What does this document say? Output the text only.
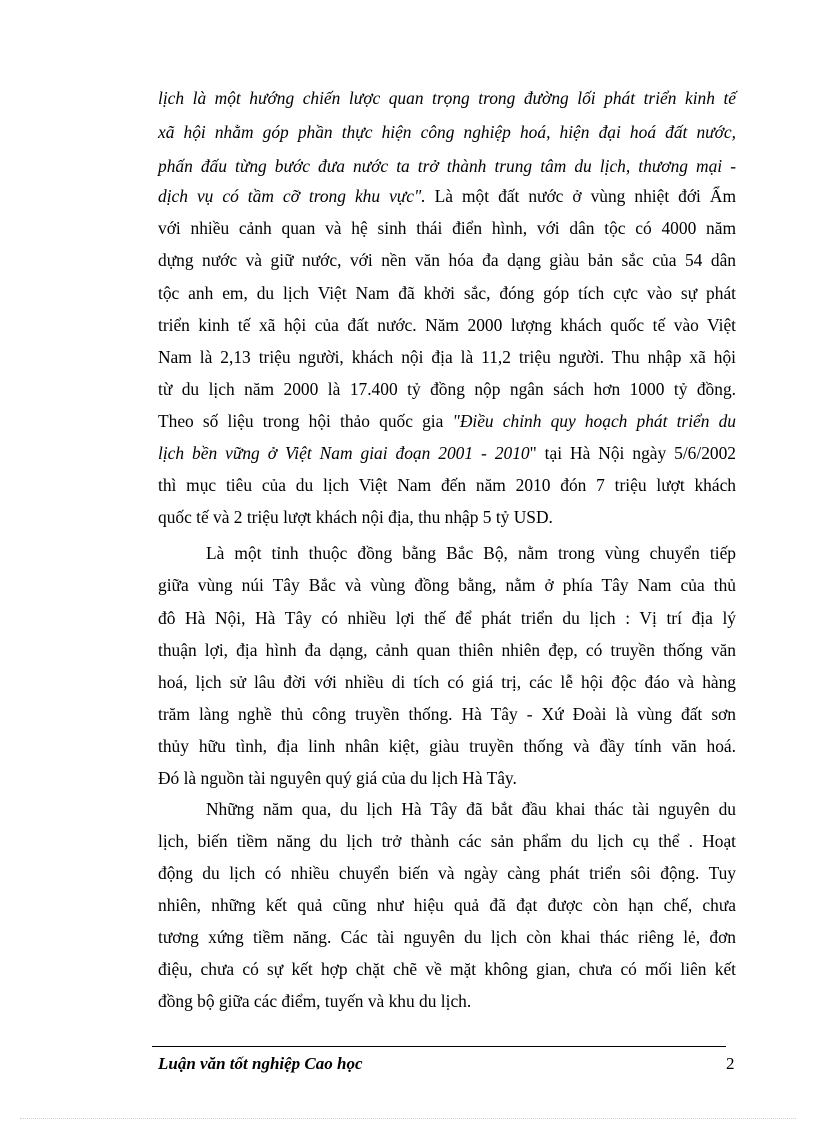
lịch là một hướng chiến lược quan trọng trong đường lối phát triển kinh tế
xã hội nhằm góp phần thực hiện công nghiệp hoá, hiện đại hoá đất nước,
phấn đấu từng bước đưa nước ta trở thành trung tâm du lịch, thương mại -
dịch vụ có tầm cỡ trong khu vực". Là một đất nước ở vùng nhiệt đới Ẩm
với nhiều cảnh quan và hệ sinh thái điển hình, với dân tộc có 4000 năm
dựng nước và giữ nước, với nền văn hóa đa dạng giàu bản sắc của 54 dân
tộc anh em, du lịch Việt Nam đã khởi sắc, đóng góp tích cực vào sự phát
triển kinh tế xã hội của đất nước. Năm 2000 lượng khách quốc tế vào Việt
Nam là 2,13 triệu người, khách nội địa là 11,2 triệu người. Thu nhập xã hội
từ du lịch năm 2000 là 17.400 tỷ đồng nộp ngân sách hơn 1000 tỷ đồng.
Theo số liệu trong hội thảo quốc gia "Điều chỉnh quy hoạch phát triển du
lịch bền vững ở Việt Nam giai đoạn 2001 - 2010" tại Hà Nội ngày 5/6/2002
thì mục tiêu của du lịch Việt Nam đến năm 2010 đón 7 triệu lượt khách
quốc tế và 2 triệu lượt khách nội địa, thu nhập 5 tỷ USD.
Là một tỉnh thuộc đồng bằng Bắc Bộ, nằm trong vùng chuyển tiếp
giữa vùng núi Tây Bắc và vùng đồng bằng, nằm ở phía Tây Nam của thủ
đô Hà Nội, Hà Tây có nhiều lợi thế để phát triển du lịch : Vị trí địa lý
thuận lợi, địa hình đa dạng, cảnh quan thiên nhiên đẹp, có truyền thống văn
hoá, lịch sử lâu đời với nhiều di tích có giá trị, các lễ hội độc đáo và hàng
trăm làng nghề thủ công truyền thống. Hà Tây - Xứ Đoài là vùng đất sơn
thủy hữu tình, địa linh nhân kiệt, giàu truyền thống và đầy tính văn hoá.
Đó là nguồn tài nguyên quý giá của du lịch Hà Tây.
Những năm qua, du lịch Hà Tây đã bắt đầu khai thác tài nguyên du
lịch, biến tiềm năng du lịch trở thành các sản phẩm du lịch cụ thể . Hoạt
động du lịch có nhiều chuyển biến và ngày càng phát triển sôi động. Tuy
nhiên, những kết quả cũng như hiệu quả đã đạt được còn hạn chế, chưa
tương xứng tiềm năng. Các tài nguyên du lịch còn khai thác riêng lẻ, đơn
điệu, chưa có sự kết hợp chặt chẽ về mặt không gian, chưa có mối liên kết
đồng bộ giữa các điểm, tuyến và khu du lịch.
Luận văn tốt nghiệp Cao học	2
